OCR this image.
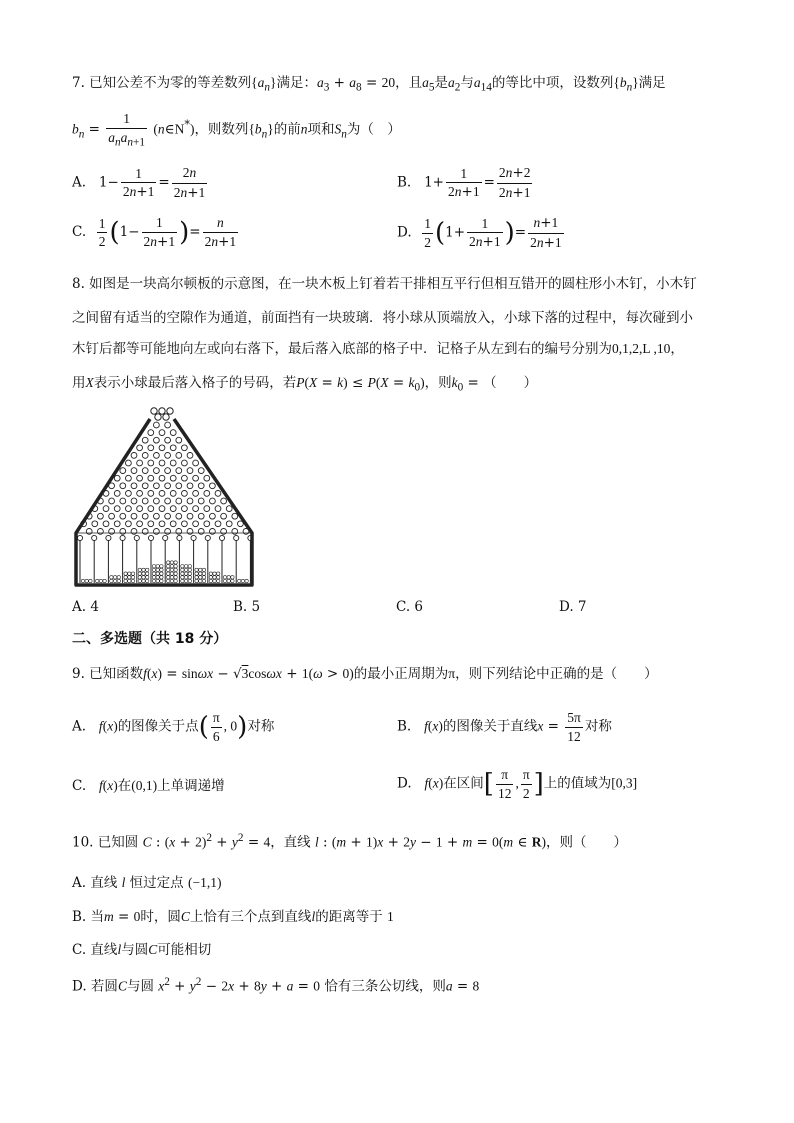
7. 已知公差不为零的等差数列$\{a_n\}$满足：$a_3 + a_8 = 20$，且$a_5$是$a_2$与$a_{14}$的等比中项，设数列$\{b_n\}$满足
$b_n = \frac{1}{a_na_{n+1}}$ (n∈N*)，则数列$\{b_n\}$的前n项和$S_n$为（　）
A.   $1- \frac{1}{2n+1} = \frac{2n}{2n+1}$	B.   $1+ \frac{1}{2n+1} = \frac{2n+2}{2n+1}$
C. $\frac{1}{2} (1- \frac{1}{2n+1}$ )= $\frac{n}{2n+1}$	D. $\frac{1}{2} (1+ \frac{1}{2n+1}$ )= $\frac{n+1}{2n+1}$
8. 如图是一块高尔顿板的示意图，在一块木板上钉着若干排相互平行但相互错开的圆柱形小木钉，小木钉
之间留有适当的空隙作为通道，前面挡有一块玻璃．将小球从顶端放入，小球下落的过程中，每次碰到小
木钉后都等可能地向左或向右落下，最后落入底部的格子中．记格子从左到右的编号分别为0,1,2,L ,10，
用X表示小球最后落入格子的号码，若$P(X = k) \le P(X = k_0)$，则$k_0$ = （　　）
A. 4	B. 5	C. 6	D. 7
二、多选题（共 18 分）
9. 已知函数f(x) = sinωx − √3cosωx + 1(ω > 0)的最小正周期为π，则下列结论中正确的是（　　）
A.   f(x)的图像关于点( $\frac{\pi}{6}$ , 0)对称	B.   f(x)的图像关于直线$x = \frac{5\pi}{12}$ 对称
C.   f(x)在(0,1)上单调递增	D.   f(x)在区间[ $\frac{\pi}{12}$ , $\frac{\pi}{2}$ ]上的值域为[0,3]
10. 已知圆 C : $(x + 2)^2 + y^2 = 4$，直线 l : (m + 1)x + 2y − 1 + m = 0(m ∈ R)，则（　　）
A. 直线 l 恒过定点 (−1,1)
B. 当m = 0时，圆C上恰有三个点到直线l的距离等于 1
C. 直线l与圆C可能相切
D. 若圆C与圆 $x^2 + y^2 - 2x + 8y + a = 0$ 恰有三条公切线，则a = 8
